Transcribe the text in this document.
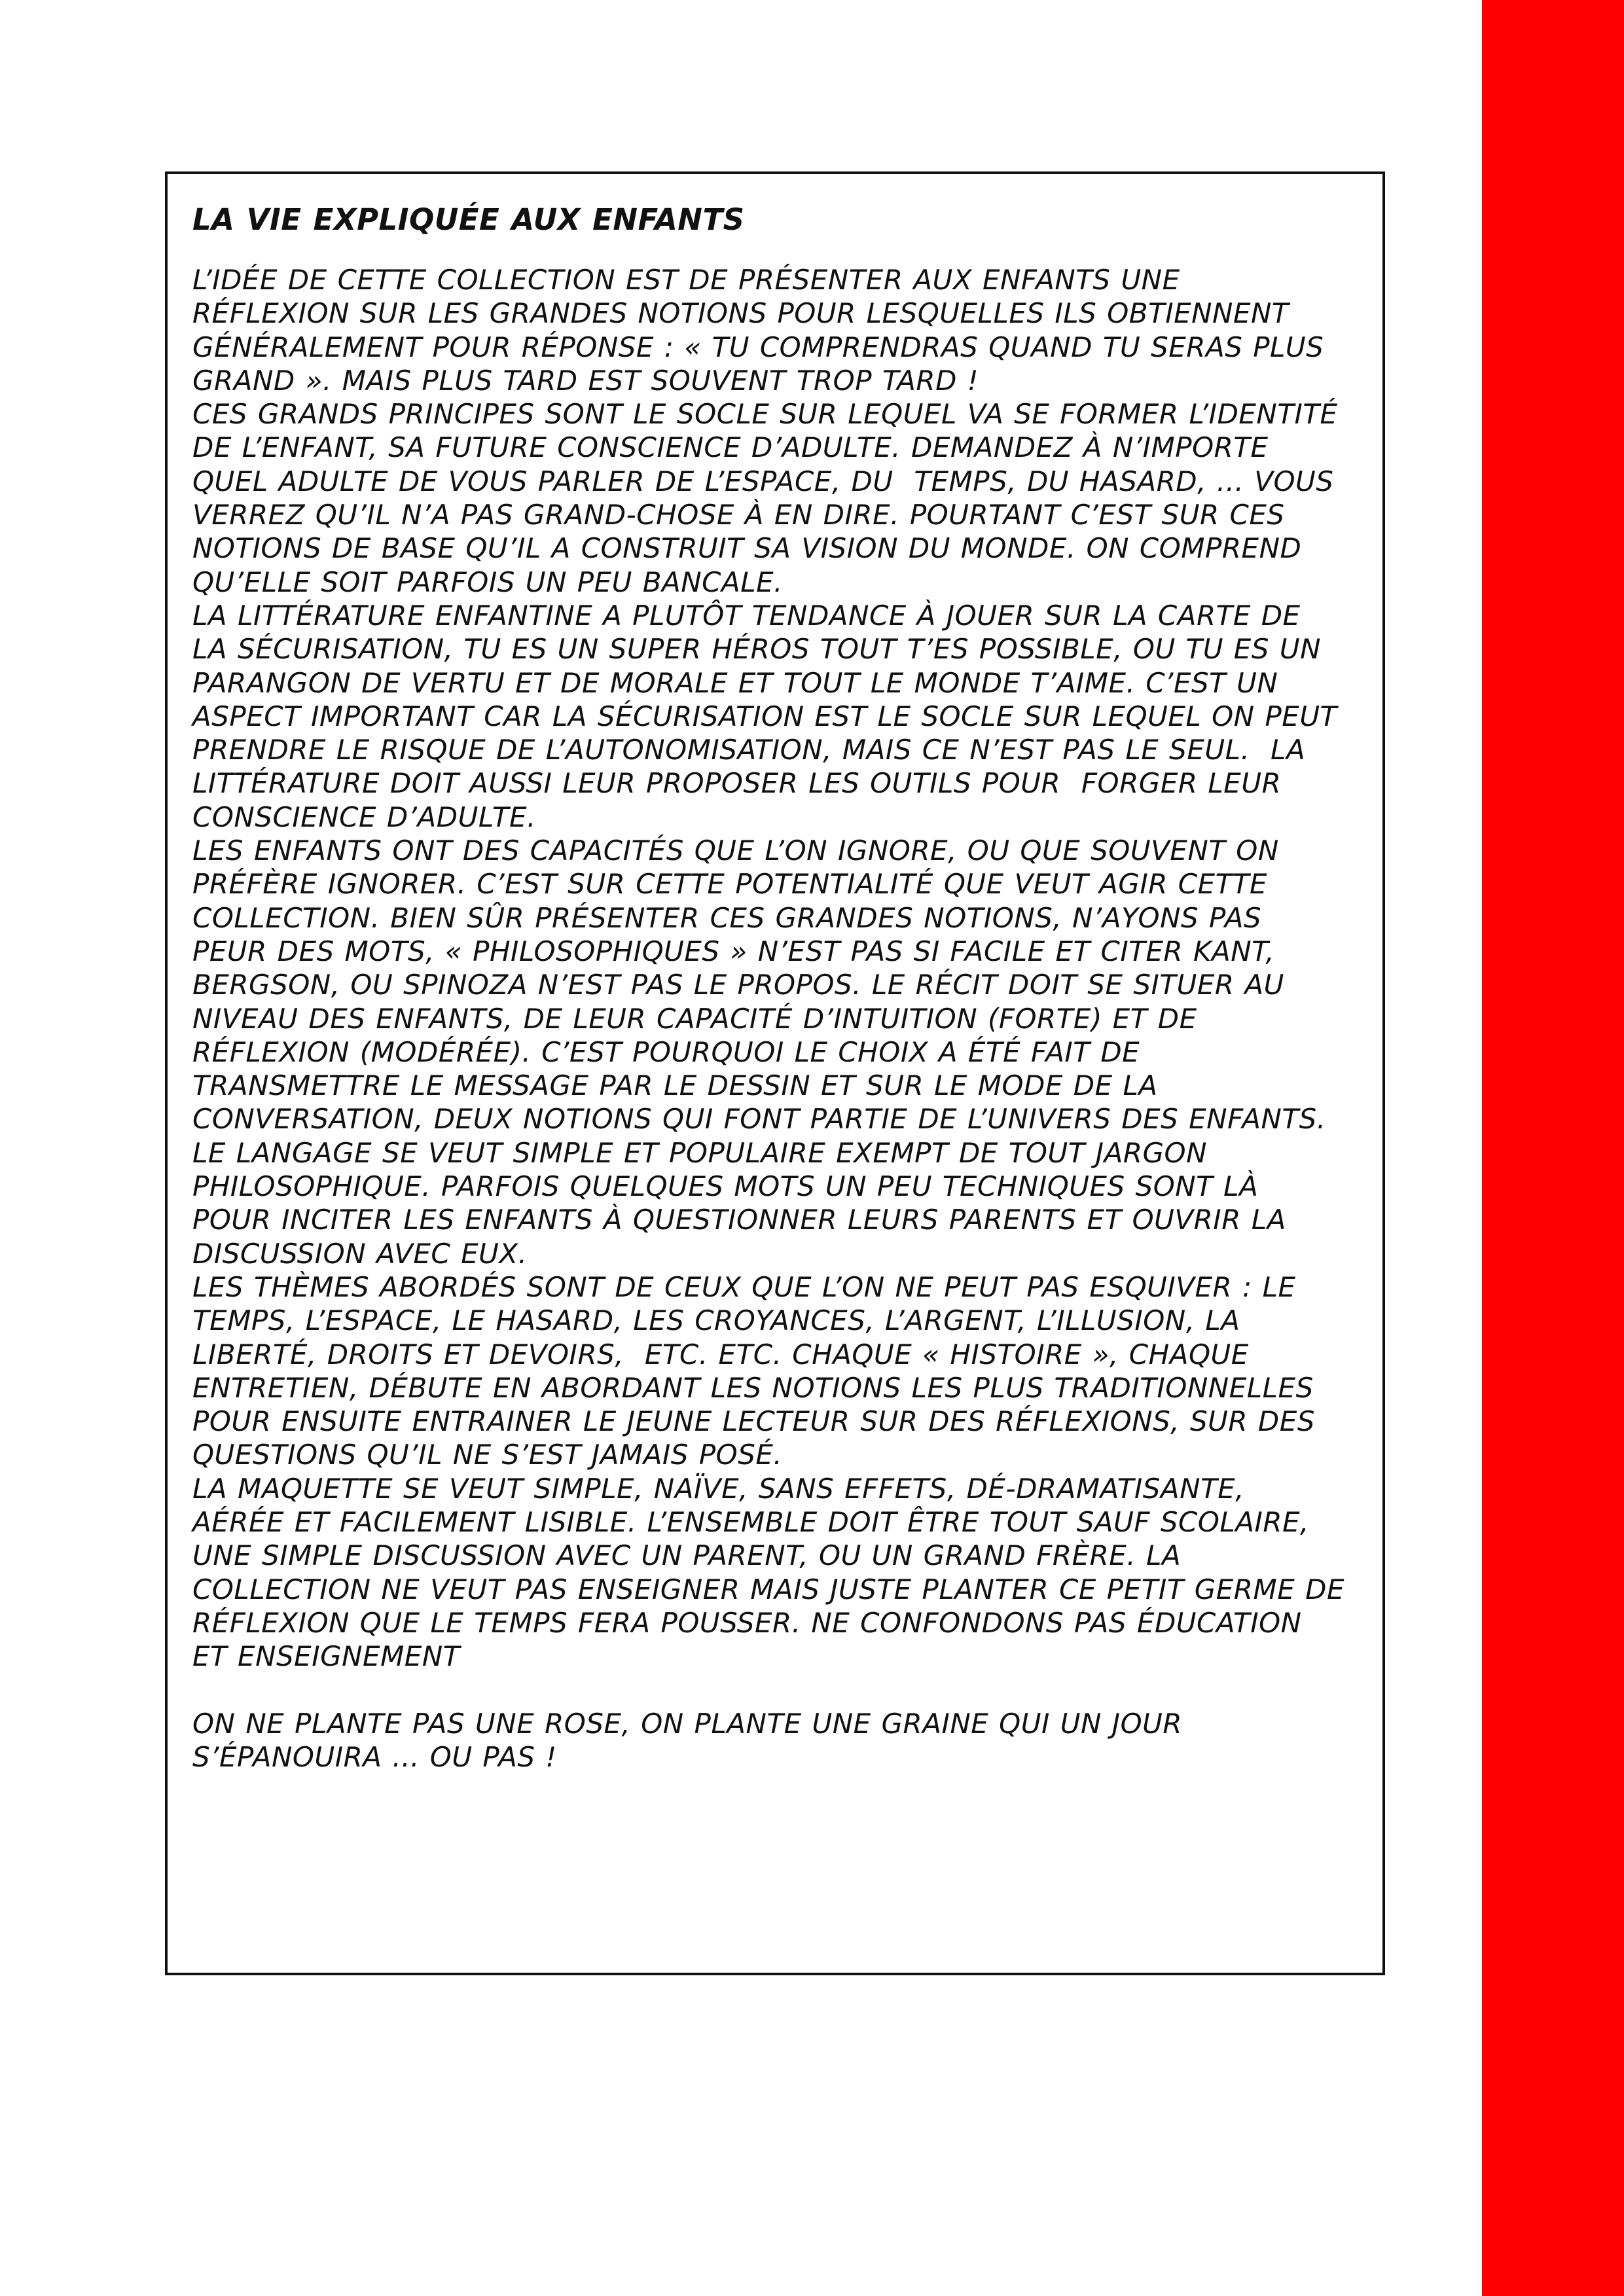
LA VIE EXPLIQUÉE AUX ENFANTS

L’IDÉE DE CETTE COLLECTION EST DE PRÉSENTER AUX ENFANTS UNE RÉFLEXION SUR LES GRANDES NOTIONS POUR LESQUELLES ILS OBTIENNENT GÉNÉRALEMENT POUR RÉPONSE : « TU COMPRENDRAS QUAND TU SERAS PLUS GRAND ». MAIS PLUS TARD EST SOUVENT TROP TARD !

CES GRANDS PRINCIPES SONT LE SOCLE SUR LEQUEL VA SE FORMER L’IDENTITÉ DE L’ENFANT, SA FUTURE CONSCIENCE D’ADULTE. DEMANDEZ À N’IMPORTE QUEL ADULTE DE VOUS PARLER DE L’ESPACE, DU  TEMPS, DU HASARD, ... VOUS VERREZ QU’IL N’A PAS GRAND-CHOSE À EN DIRE. POURTANT C’EST SUR CES NOTIONS DE BASE QU’IL A CONSTRUIT SA VISION DU MONDE. ON COMPREND QU’ELLE SOIT PARFOIS UN PEU BANCALE.

LA LITTÉRATURE ENFANTINE A PLUTÔT TENDANCE À JOUER SUR LA CARTE DE LA SÉCURISATION, TU ES UN SUPER HÉROS TOUT T’ES POSSIBLE, OU TU ES UN PARANGON DE VERTU ET DE MORALE ET TOUT LE MONDE T’AIME. C’EST UN ASPECT IMPORTANT CAR LA SÉCURISATION EST LE SOCLE SUR LEQUEL ON PEUT PRENDRE LE RISQUE DE L’AUTONOMISATION, MAIS CE N’EST PAS LE SEUL.  LA LITTÉRATURE DOIT AUSSI LEUR PROPOSER LES OUTILS POUR  FORGER LEUR CONSCIENCE D’ADULTE.

LES ENFANTS ONT DES CAPACITÉS QUE L’ON IGNORE, OU QUE SOUVENT ON PRÉFÈRE IGNORER. C’EST SUR CETTE POTENTIALITÉ QUE VEUT AGIR CETTE COLLECTION. BIEN SÛR PRÉSENTER CES GRANDES NOTIONS, N’AYONS PAS PEUR DES MOTS, « PHILOSOPHIQUES » N’EST PAS SI FACILE ET CITER KANT, BERGSON, OU SPINOZA N’EST PAS LE PROPOS. LE RÉCIT DOIT SE SITUER AU NIVEAU DES ENFANTS, DE LEUR CAPACITÉ D’INTUITION (FORTE) ET DE RÉFLEXION (MODÉRÉE). C’EST POURQUOI LE CHOIX A ÉTÉ FAIT DE TRANSMETTRE LE MESSAGE PAR LE DESSIN ET SUR LE MODE DE LA CONVERSATION, DEUX NOTIONS QUI FONT PARTIE DE L’UNIVERS DES ENFANTS. LE LANGAGE SE VEUT SIMPLE ET POPULAIRE EXEMPT DE TOUT JARGON PHILOSOPHIQUE. PARFOIS QUELQUES MOTS UN PEU TECHNIQUES SONT LÀ POUR INCITER LES ENFANTS À QUESTIONNER LEURS PARENTS ET OUVRIR LA DISCUSSION AVEC EUX.

LES THÈMES ABORDÉS SONT DE CEUX QUE L’ON NE PEUT PAS ESQUIVER : LE TEMPS, L’ESPACE, LE HASARD, LES CROYANCES, L’ARGENT, L’ILLUSION, LA LIBERTÉ, DROITS ET DEVOIRS,  ETC. ETC. CHAQUE « HISTOIRE », CHAQUE ENTRETIEN, DÉBUTE EN ABORDANT LES NOTIONS LES PLUS TRADITIONNELLES POUR ENSUITE ENTRAINER LE JEUNE LECTEUR SUR DES RÉFLEXIONS, SUR DES QUESTIONS QU’IL NE S’EST JAMAIS POSÉ.

LA MAQUETTE SE VEUT SIMPLE, NAÏVE, SANS EFFETS, DÉ-DRAMATISANTE, AÉRÉE ET FACILEMENT LISIBLE. L’ENSEMBLE DOIT ÊTRE TOUT SAUF SCOLAIRE, UNE SIMPLE DISCUSSION AVEC UN PARENT, OU UN GRAND FRÈRE. LA COLLECTION NE VEUT PAS ENSEIGNER MAIS JUSTE PLANTER CE PETIT GERME DE RÉFLEXION QUE LE TEMPS FERA POUSSER. NE CONFONDONS PAS ÉDUCATION ET ENSEIGNEMENT

ON NE PLANTE PAS UNE ROSE, ON PLANTE UNE GRAINE QUI UN JOUR S’ÉPANOUIRA ... OU PAS !
